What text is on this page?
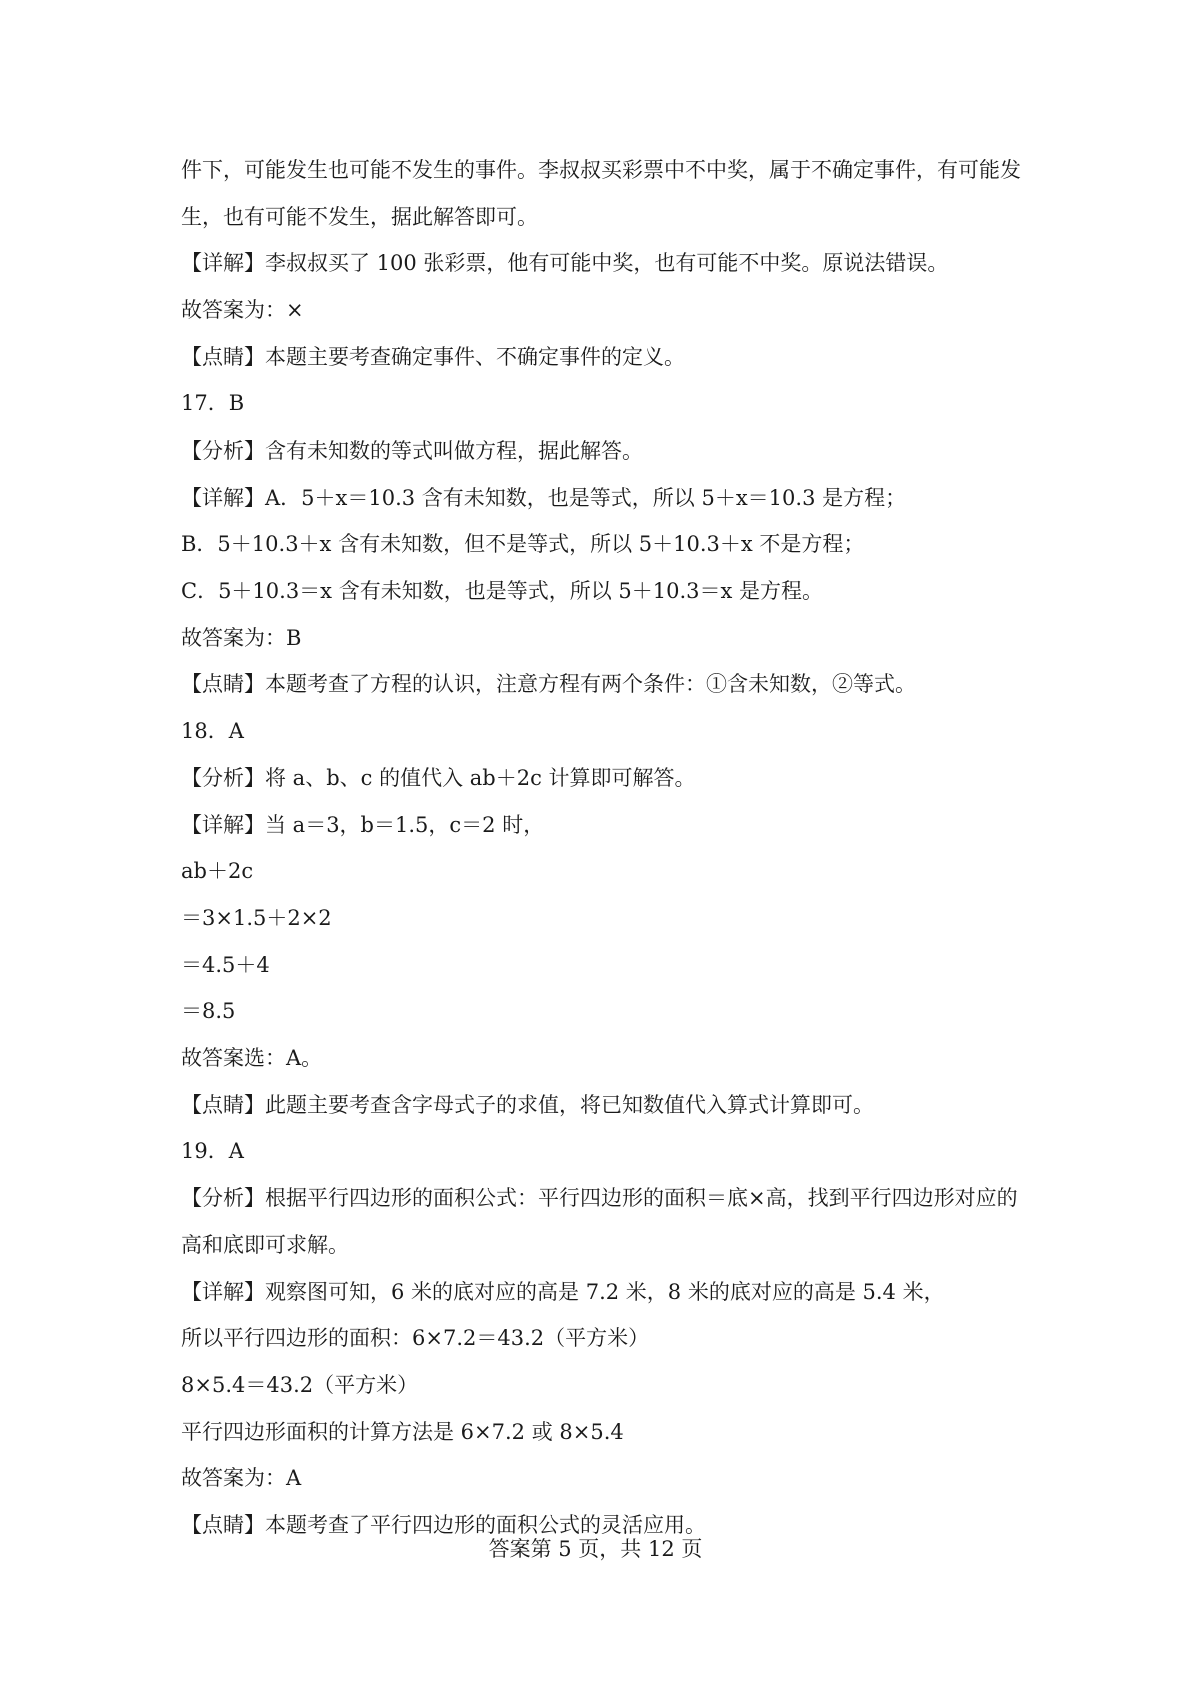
件下，可能发生也可能不发生的事件。李叔叔买彩票中不中奖，属于不确定事件，有可能发
生，也有可能不发生，据此解答即可。
【详解】李叔叔买了 100 张彩票，他有可能中奖，也有可能不中奖。原说法错误。
故答案为：×
【点睛】本题主要考查确定事件、不确定事件的定义。
17．B
【分析】含有未知数的等式叫做方程，据此解答。
【详解】A．5＋x＝10.3 含有未知数，也是等式，所以 5＋x＝10.3 是方程；
B．5＋10.3＋x 含有未知数，但不是等式，所以 5＋10.3＋x 不是方程；
C．5＋10.3＝x 含有未知数，也是等式，所以 5＋10.3＝x 是方程。
故答案为：B
【点睛】本题考查了方程的认识，注意方程有两个条件：①含未知数，②等式。
18．A
【分析】将 a、b、c 的值代入 ab＋2c 计算即可解答。
【详解】当 a＝3，b＝1.5，c＝2 时，
ab＋2c
＝3×1.5＋2×2
＝4.5＋4
＝8.5
故答案选：A。
【点睛】此题主要考查含字母式子的求值，将已知数值代入算式计算即可。
19．A
【分析】根据平行四边形的面积公式：平行四边形的面积＝底×高，找到平行四边形对应的
高和底即可求解。
【详解】观察图可知，6 米的底对应的高是 7.2 米，8 米的底对应的高是 5.4 米，
所以平行四边形的面积：6×7.2＝43.2（平方米）
8×5.4＝43.2（平方米）
平行四边形面积的计算方法是 6×7.2 或 8×5.4
故答案为：A
【点睛】本题考查了平行四边形的面积公式的灵活应用。
答案第 5 页，共 12 页
